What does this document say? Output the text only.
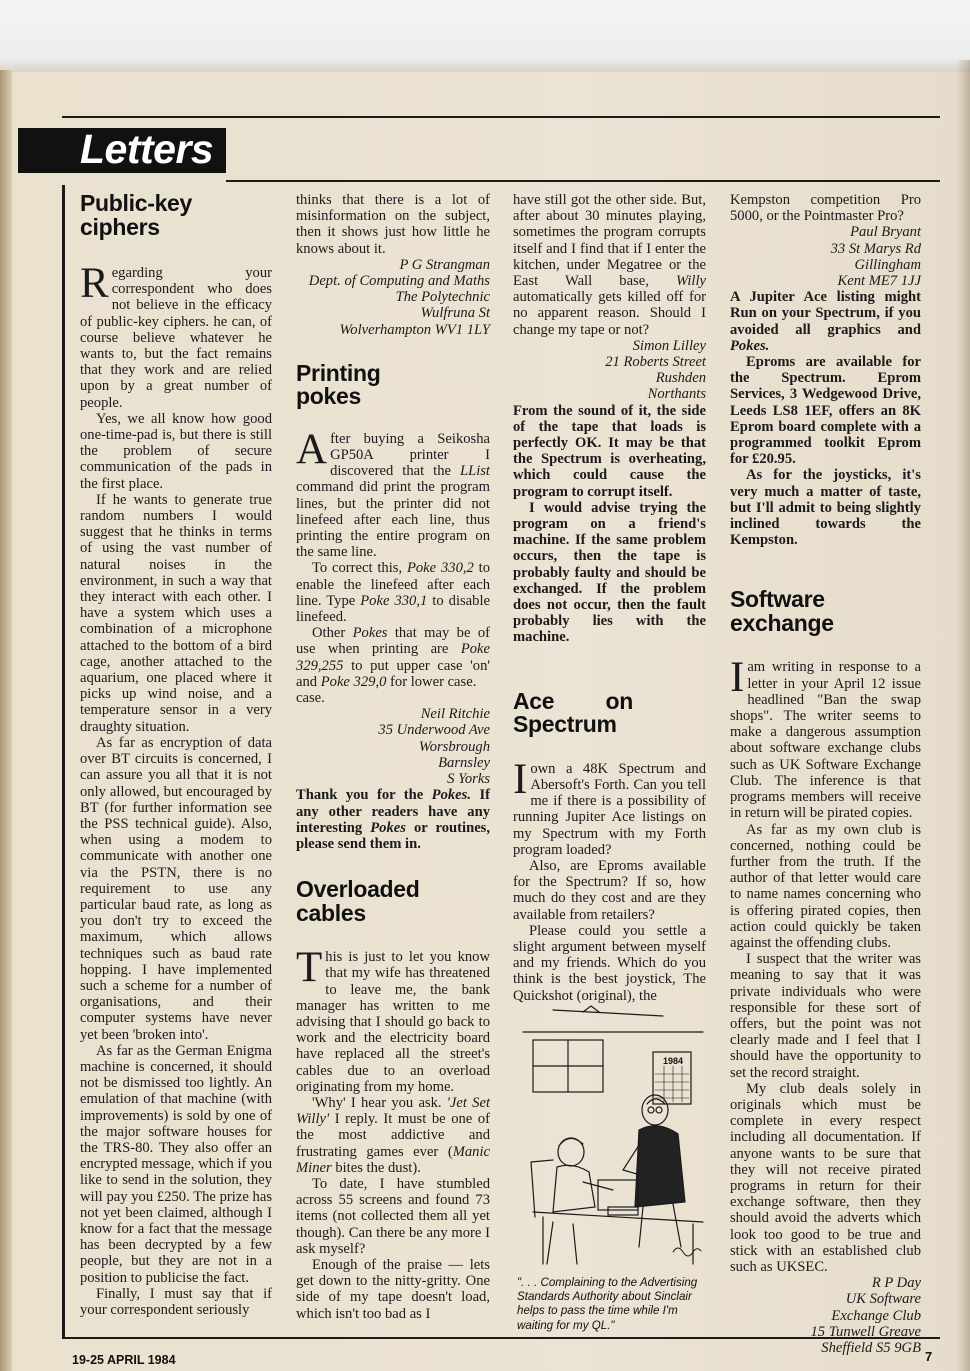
Letters
Public-key ciphers

Regarding your correspondent who does not believe in the efficacy of public-key ciphers. he can, of course believe whatever he wants to, but the fact remains that they work and are relied upon by a great number of people.

Yes, we all know how good one-time-pad is, but there is still the problem of secure communication of the pads in the first place.

If he wants to generate true random numbers I would suggest that he thinks in terms of using the vast number of natural noises in the environment, in such a way that they interact with each other. I have a system which uses a combination of a microphone attached to the bottom of a bird cage, another attached to the aquarium, one placed where it picks up wind noise, and a temperature sensor in a very draughty situation.

As far as encryption of data over BT circuits is concerned, I can assure you all that it is not only allowed, but encouraged by BT (for further information see the PSS technical guide). Also, when using a modem to communicate with another one via the PSTN, there is no requirement to use any particular baud rate, as long as you don't try to exceed the maximum, which allows techniques such as baud rate hopping. I have implemented such a scheme for a number of organisations, and their computer systems have never yet been 'broken into'.

As far as the German Enigma machine is concerned, it should not be dismissed too lightly. An emulation of that machine (with improvements) is sold by one of the major software houses for the TRS-80. They also offer an encrypted message, which if you like to send in the solution, they will pay you £250. The prize has not yet been claimed, although I know for a fact that the message has been decrypted by a few people, but they are not in a position to publicise the fact.

Finally, I must say that if your correspondent seriously

thinks that there is a lot of misinformation on the subject, then it shows just how little he knows about it.

P G Strangman

Dept. of Computing and Maths

The Polytechnic

Wulfruna St

Wolverhampton WV1 1LY

Printing pokes

After buying a Seikosha GP50A printer I discovered that the LList command did print the program lines, but the printer did not linefeed after each line, thus printing the entire program on the same line.

To correct this, Poke 330,2 to enable the linefeed after each line. Type Poke 330,1 to disable linefeed.

Other Pokes that may be of use when printing are Poke 329,255 to put upper case 'on' and Poke 329,0 for lower case.

case.

Neil Ritchie

35 Underwood Ave

Worsbrough

Barnsley

S Yorks

Thank you for the Pokes. If any other readers have any interesting Pokes or routines, please send them in.

Overloaded cables

This is just to let you know that my wife has threatened to leave me, the bank manager has written to me advising that I should go back to work and the electricity board have replaced all the street's cables due to an overload originating from my home.

'Why' I hear you ask. 'Jet Set Willy' I reply. It must be one of the most addictive and frustrating games ever (Manic Miner bites the dust).

To date, I have stumbled across 55 screens and found 73 items (not collected them all yet though). Can there be any more I ask myself?

Enough of the praise — lets get down to the nitty-gritty. One side of my tape doesn't load, which isn't too bad as I

have still got the other side. But, after about 30 minutes playing, sometimes the program corrupts itself and I find that if I enter the kitchen, under Megatree or the East Wall base, Willy automatically gets killed off for no apparent reason. Should I change my tape or not?

Simon Lilley

21 Roberts Street

Rushden

Northants

From the sound of it, the side of the tape that loads is perfectly OK. It may be that the Spectrum is overheating, which could cause the program to corrupt itself.

I would advise trying the program on a friend's machine. If the same problem occurs, then the tape is probably faulty and should be exchanged. If the problem does not occur, then the fault probably lies with the machine.

Ace on Spectrum

Iown a 48K Spectrum and Abersoft's Forth. Can you tell me if there is a possibility of running Jupiter Ace listings on my Spectrum with my Forth program loaded?

Also, are Eproms available for the Spectrum? If so, how much do they cost and are they available from retailers?

Please could you settle a slight argument between myself and my friends. Which do you think is the best joystick, The Quickshot (original), the

1984
". . . Complaining to the Advertising Standards Authority about Sinclair helps to pass the time while I'm waiting for my QL."

Kempston competition Pro 5000, or the Pointmaster Pro?

Paul Bryant

33 St Marys Rd

Gillingham

Kent ME7 1JJ

A Jupiter Ace listing might Run on your Spectrum, if you avoided all graphics and Pokes.

Eproms are available for the Spectrum. Eprom Services, 3 Wedgewood Drive, Leeds LS8 1EF, offers an 8K Eprom board complete with a programmed toolkit Eprom for £20.95.

As for the joysticks, it's very much a matter of taste, but I'll admit to being slightly inclined towards the Kempston.

Software exchange

Iam writing in response to a letter in your April 12 issue headlined "Ban the swap shops". The writer seems to make a dangerous assumption about software exchange clubs such as UK Software Exchange Club. The inference is that programs members will receive in return will be pirated copies.

As far as my own club is concerned, nothing could be further from the truth. If the author of that letter would care to name names concerning who is offering pirated copies, then action could quickly be taken against the offending clubs.

I suspect that the writer was meaning to say that it was private individuals who were responsible for these sort of offers, but the point was not clearly made and I feel that I should have the opportunity to set the record straight.

My club deals solely in originals which must be complete in every respect including all documentation. If anyone wants to be sure that they will not receive pirated programs in return for their exchange software, then they should avoid the adverts which look too good to be true and stick with an established club such as UKSEC.

R P Day

UK Software

Exchange Club

15 Tunwell Greave

Sheffield S5 9GB

19-25 APRIL 1984	7
